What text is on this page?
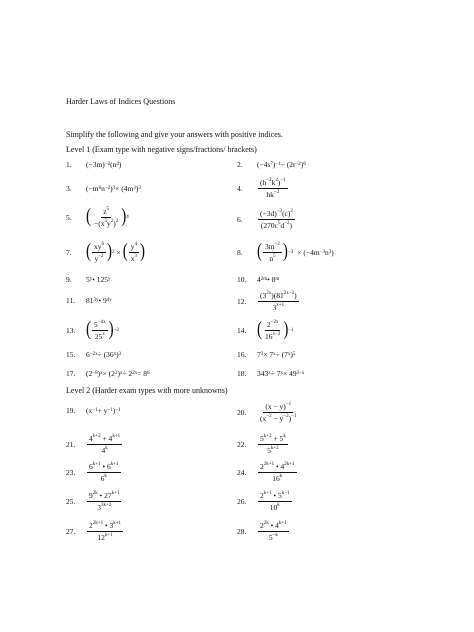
Harder Laws of Indices Questions
Simplify the following and give your answers with positive indices.
Level 1 (Exam type with negative signs/fractions/ brackets)
1.	(−3m) −2 (n 4 )	2.	(−4s 7 ) −1 ÷ (2r −2 ) 6
3.	(−m 6 n −2 ) 3 × (4m 3 ) 3	4.	$\frac{(h^{-2}k^2)^{-1}}{hk^{-2}}$
5. ( $\frac{z^5}{-(x^5y^2)^2}$ ) 4	6.	$\frac{(-3d)^{-3}(c)^2}{(270c^5d^{-2})}$
7. ( $\frac{xy^6}{y^{-2}}$ ) 2 × ( $\frac{y^4}{x^3}$ )	8. ( $\frac{3m^{-2}}{n^5}$ ) −3 × (−4m −3 n 3 )
9.	5 y • 125 y	10.	4 2m • 8 m
11.	81 3y • 9 4y	12.	$\frac{(3^{2x})(81^{2x-3})}{3^{x+1}}$
13. ( $\frac{5^{-4x}}{25^x}$ ) −2	14. ( $\frac{2^{-2x}}{16^{x-2}}$ ) −1
15.	6 −2x ÷ (36 x ) 3	16.	7 3 × 7 x ÷ (7 x ) 5
17.	(2 −8 ) x × (2 2 ) x ÷ 2 2x = 8 6	18.	343 x ÷ 7 x × 49 3−x
Level 2 (Harder exam types with more unknowns)
19.	(x −1 + y −1 ) −1	20.	$\frac{(x - y)^{-1}}{(x^{-2} - y^{-2})^{-1}}$
21.	$\frac{4^{k+2} + 4^{k+1}}{4^k}$	22.	$\frac{5^{k+2} + 5^k}{5^{k+2}}$
23.	$\frac{6^{k+1} • 6^{k+1}}{6^k}$	24.	$\frac{2^{2k+1} • 4^{2k+1}}{16^k}$
25.	$\frac{9^{2k} • 27^{k+1}}{3^{3k+2}}$	26.	$\frac{2^{k+1} • 5^{k-1}}{10^k}$
27.	$\frac{2^{2k+1} • 3^{k+1}}{12^{k+1}}$	28.	$\frac{2^{2k} • 4^{k+1}}{5^{-k}}$
